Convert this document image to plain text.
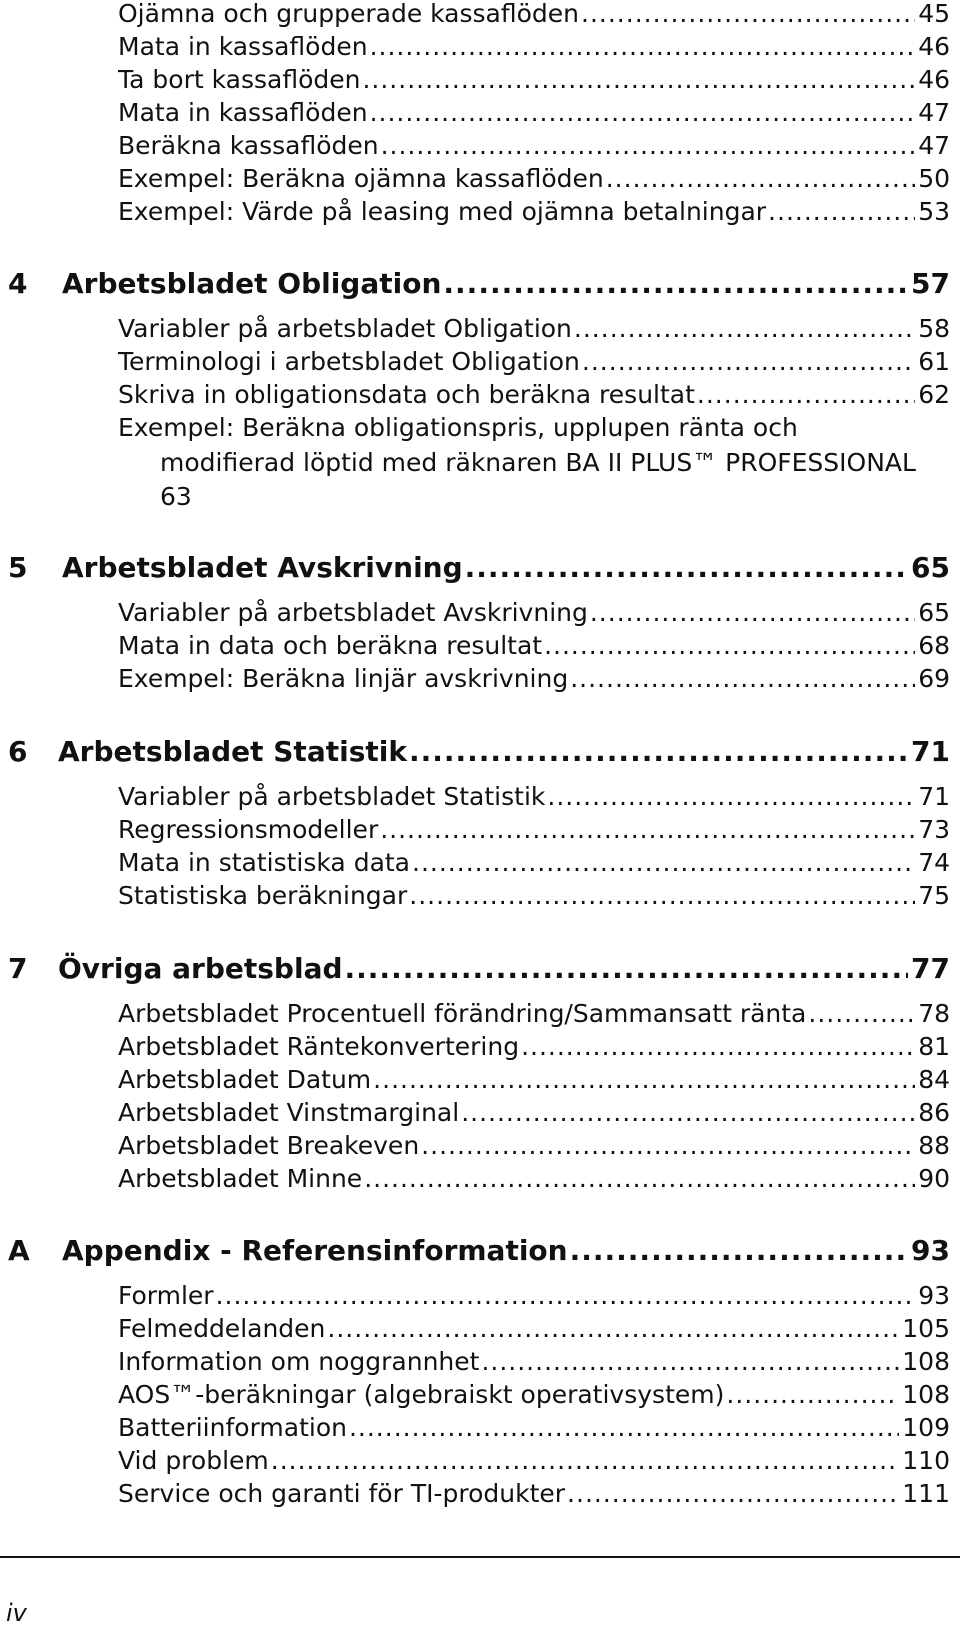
Ojämna och grupperade kassaflöden .....	45
Mata in kassaflöden .....	46
Ta bort kassaflöden .....	46
Mata in kassaflöden .....	47
Beräkna kassaflöden .....	47
Exempel: Beräkna ojämna kassaflöden .....	50
Exempel: Värde på leasing med ojämna betalningar .....	53
4 Arbetsbladet Obligation .....	57
Variabler på arbetsbladet Obligation .....	58
Terminologi i arbetsbladet Obligation .....	61
Skriva in obligationsdata och beräkna resultat .....	62
Exempel: Beräkna obligationspris, upplupen ränta och
modifierad löptid med räknaren BA II PLUS™ PROFESSIONAL
63
5 Arbetsbladet Avskrivning .....	65
Variabler på arbetsbladet Avskrivning .....	65
Mata in data och beräkna resultat .....	68
Exempel: Beräkna linjär avskrivning .....	69
6 Arbetsbladet Statistik .....	71
Variabler på arbetsbladet Statistik .....	71
Regressionsmodeller .....	73
Mata in statistiska data .....	74
Statistiska beräkningar .....	75
7 Övriga arbetsblad .....	77
Arbetsbladet Procentuell förändring/Sammansatt ränta .....	78
Arbetsbladet Räntekonvertering .....	81
Arbetsbladet Datum .....	84
Arbetsbladet Vinstmarginal .....	86
Arbetsbladet Breakeven .....	88
Arbetsbladet Minne .....	90
A Appendix - Referensinformation .....	93
Formler .....	93
Felmeddelanden .....	105
Information om noggrannhet .....	108
AOS™-beräkningar (algebraiskt operativsystem) .....	108
Batteriinformation .....	109
Vid problem .....	110
Service och garanti för TI-produkter .....	111
iv
